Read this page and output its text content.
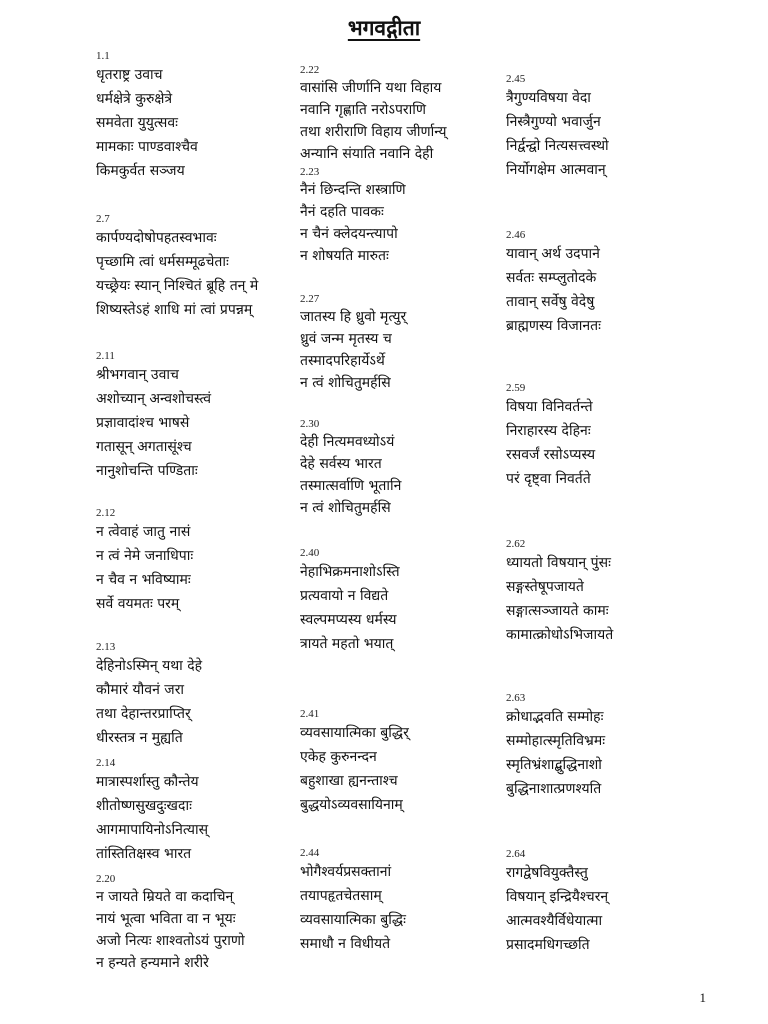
भगवद्गीता
1.1
धृतराष्ट्र उवाच
धर्मक्षेत्रे कुरुक्षेत्रे
समवेता युयुत्सवः
मामकाः पाण्डवाश्चैव
किमकुर्वत सञ्जय
2.7
कार्पण्यदोषोपहतस्वभावः
पृच्छामि त्वां धर्मसम्मूढचेताः
यच्छ्रेयः स्यान् निश्चितं ब्रूहि तन् मे
शिष्यस्तेऽहं शाधि मां त्वां प्रपन्नम्
2.11
श्रीभगवान् उवाच
अशोच्यान् अन्वशोचस्त्वं
प्रज्ञावादांश्च भाषसे
गतासून् अगतासूंश्च
नानुशोचन्ति पण्डिताः
2.12
न त्वेवाहं जातु नासं
न त्वं नेमे जनाधिपाः
न चैव न भविष्यामः
सर्वे वयमतः परम्
2.13
देहिनोऽस्मिन् यथा देहे
कौमारं यौवनं जरा
तथा देहान्तरप्राप्तिर्
धीरस्तत्र न मुह्यति
2.14
मात्रास्पर्शास्तु कौन्तेय
शीतोष्णसुखदुःखदाः
आगमापायिनोऽनित्यास्
तांस्तितिक्षस्व भारत
2.20
न जायते म्रियते वा कदाचिन्
नायं भूत्वा भविता वा न भूयः
अजो नित्यः शाश्वतोऽयं पुराणो
न हन्यते हन्यमाने शरीरे
2.22
वासांसि जीर्णानि यथा विहाय
नवानि गृह्णाति नरोऽपराणि
तथा शरीराणि विहाय जीर्णान्य्
अन्यानि संयाति नवानि देही
2.23
नैनं छिन्दन्ति शस्त्राणि
नैनं दहति पावकः
न चैनं क्लेदयन्त्यापो
न शोषयति मारुतः
2.27
जातस्य हि ध्रुवो मृत्युर्
ध्रुवं जन्म मृतस्य च
तस्मादपरिहार्येऽर्थे
न त्वं शोचितुमर्हसि
2.30
देही नित्यमवध्योऽयं
देहे सर्वस्य भारत
तस्मात्सर्वाणि भूतानि
न त्वं शोचितुमर्हसि
2.40
नेहाभिक्रमनाशोऽस्ति
प्रत्यवायो न विद्यते
स्वल्पमप्यस्य धर्मस्य
त्रायते महतो भयात्
2.41
व्यवसायात्मिका बुद्धिर्
एकेह कुरुनन्दन
बहुशाखा ह्यनन्ताश्च
बुद्धयोऽव्यवसायिनाम्
2.44
भोगैश्वर्यप्रसक्तानां
तयापहृतचेतसाम्
व्यवसायात्मिका बुद्धिः
समाधौ न विधीयते
2.45
त्रैगुण्यविषया वेदा
निस्त्रैगुण्यो भवार्जुन
निर्द्वन्द्वो नित्यसत्त्वस्थो
निर्योगक्षेम आत्मवान्
2.46
यावान् अर्थ उदपाने
सर्वतः सम्प्लुतोदके
तावान् सर्वेषु वेदेषु
ब्राह्मणस्य विजानतः
2.59
विषया विनिवर्तन्ते
निराहारस्य देहिनः
रसवर्जं रसोऽप्यस्य
परं दृष्ट्वा निवर्तते
2.62
ध्यायतो विषयान् पुंसः
सङ्गस्तेषूपजायते
सङ्गात्सञ्जायते कामः
कामात्क्रोधोऽभिजायते
2.63
क्रोधाद्भवति सम्मोहः
सम्मोहात्स्मृतिविभ्रमः
स्मृतिभ्रंशाद्बुद्धिनाशो
बुद्धिनाशात्प्रणश्यति
2.64
रागद्वेषवियुक्तैस्तु
विषयान् इन्द्रियैश्चरन्
आत्मवश्यैर्विधेयात्मा
प्रसादमधिगच्छति
1
